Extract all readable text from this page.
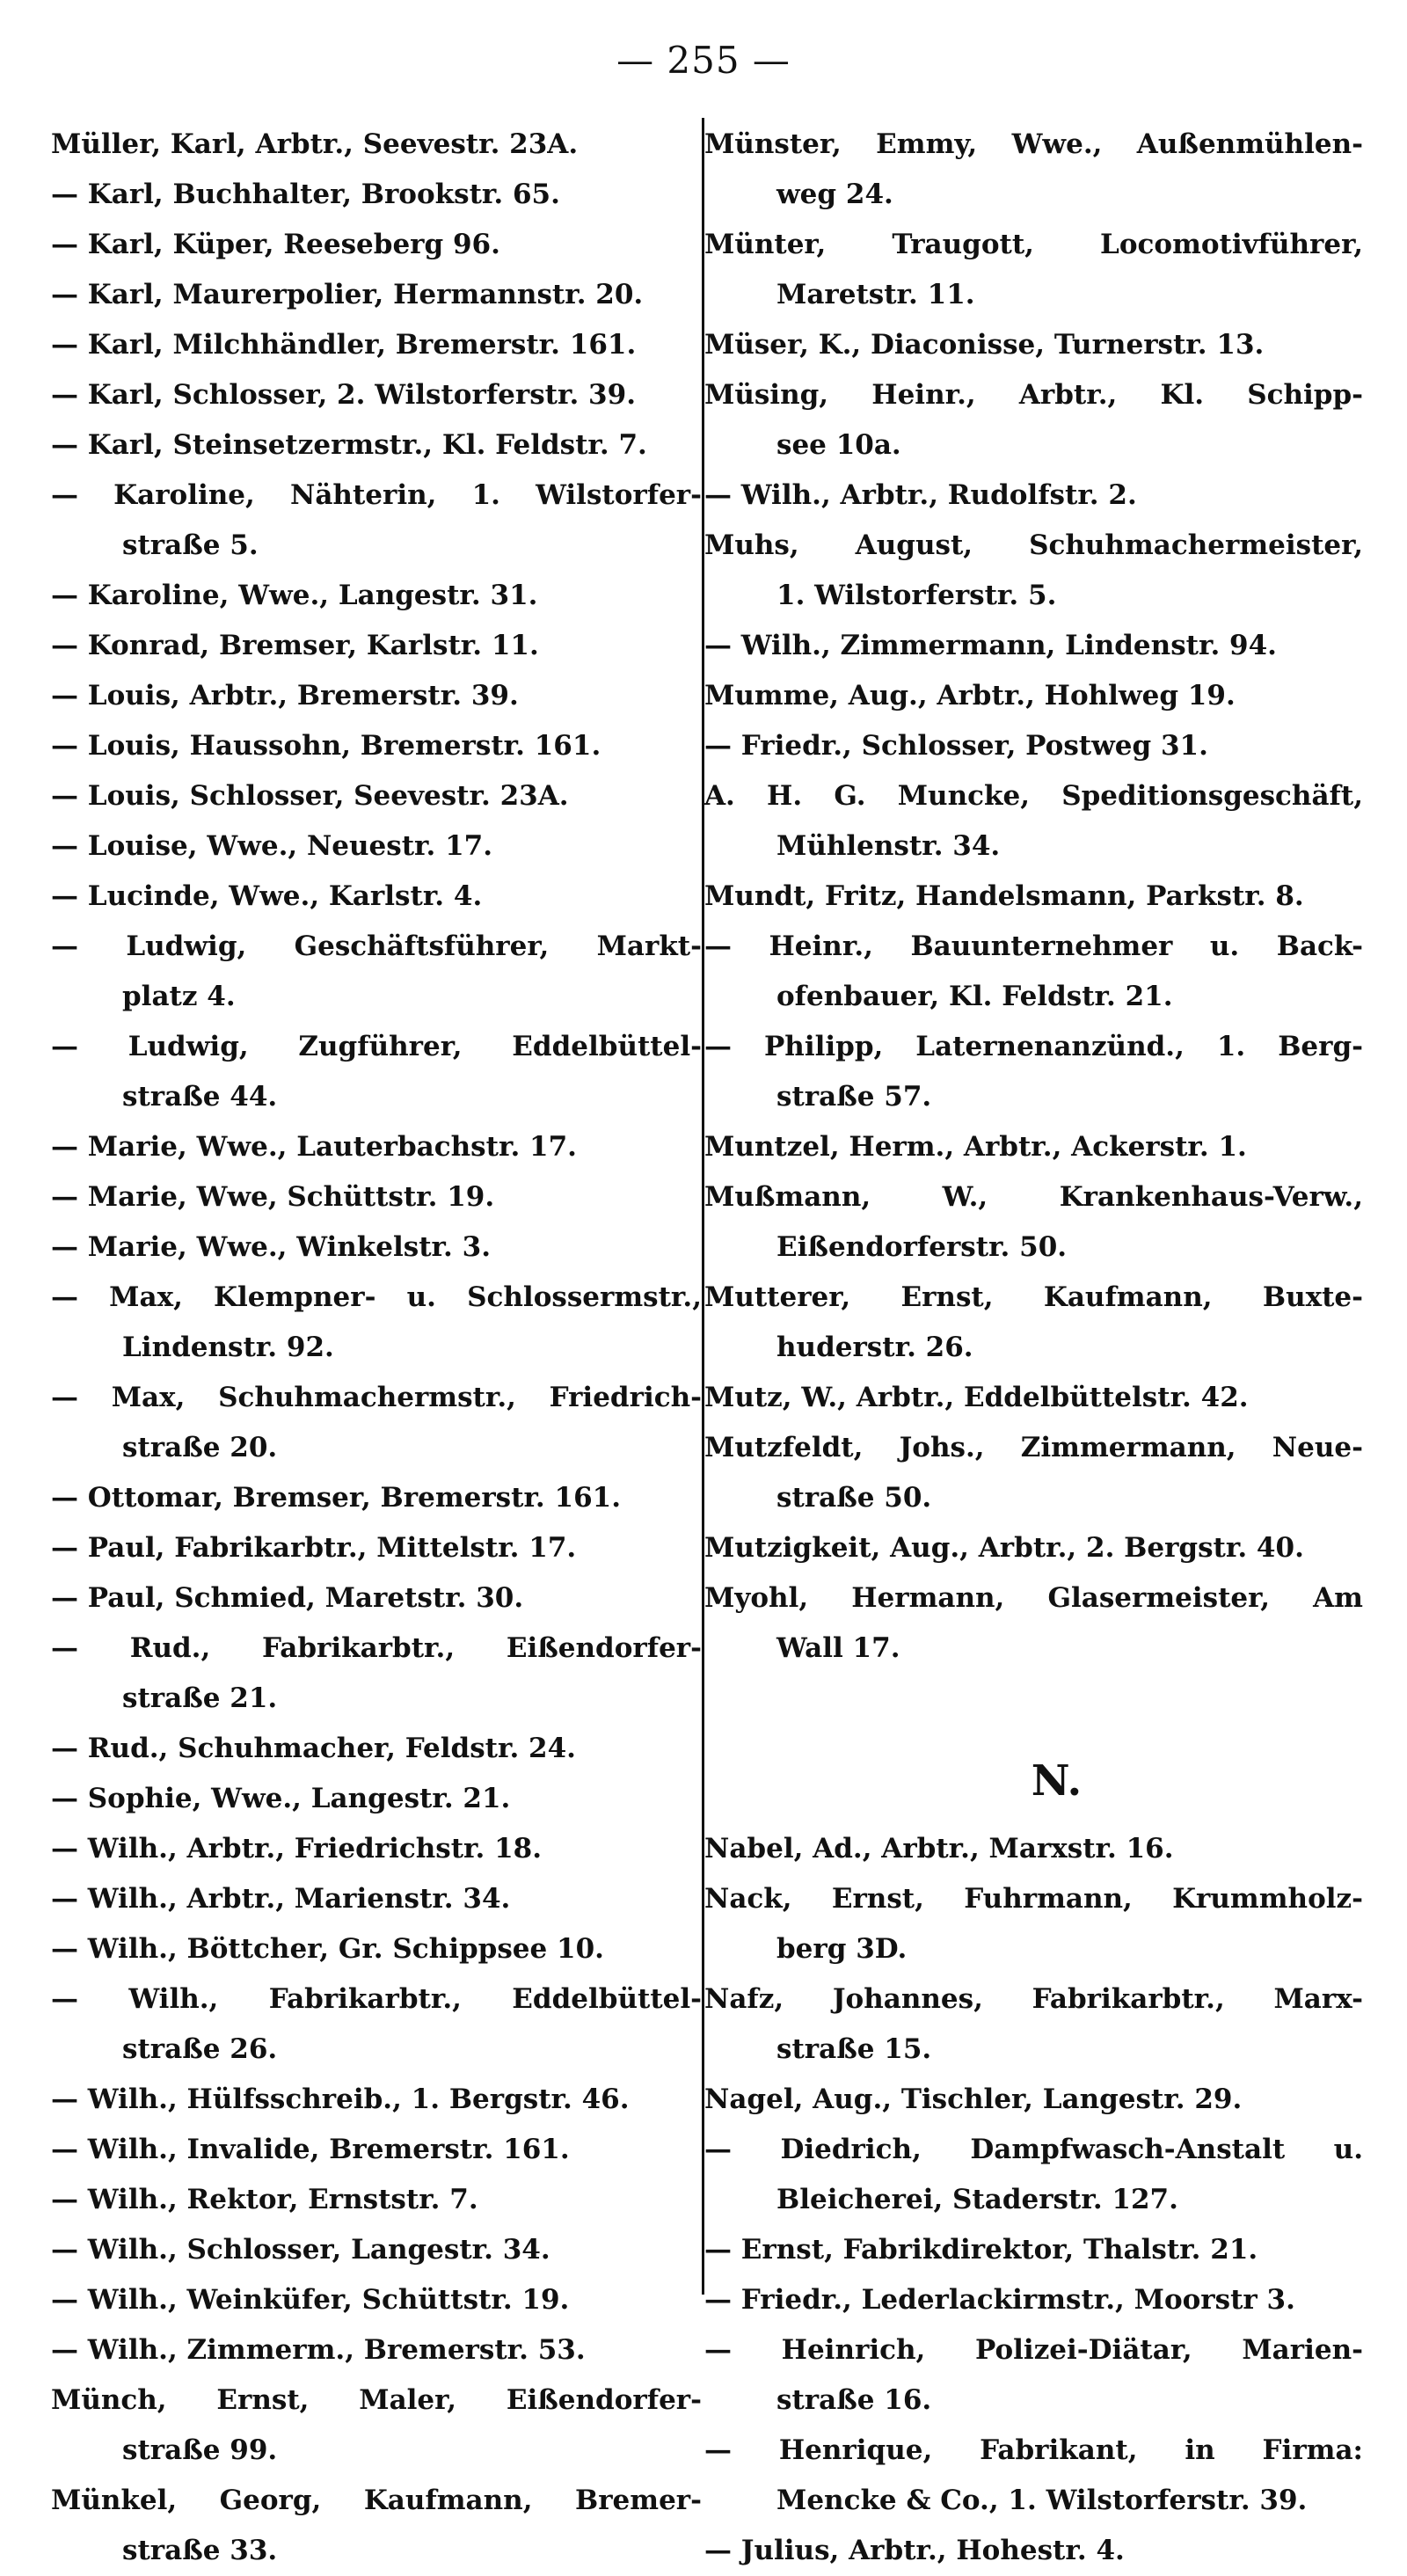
— 255 —
Müller, Karl, Arbtr., Seevestr. 23A.
— Karl, Buchhalter, Brookstr. 65.
— Karl, Küper, Reeseberg 96.
— Karl, Maurerpolier, Hermannstr. 20.
— Karl, Milchhändler, Bremerstr. 161.
— Karl, Schlosser, 2. Wilstorferstr. 39.
— Karl, Steinsetzermstr., Kl. Feldstr. 7.
— Karoline, Nähterin, 1. Wilstorfer-
straße 5.
— Karoline, Wwe., Langestr. 31.
— Konrad, Bremser, Karlstr. 11.
— Louis, Arbtr., Bremerstr. 39.
— Louis, Haussohn, Bremerstr. 161.
— Louis, Schlosser, Seevestr. 23A.
— Louise, Wwe., Neuestr. 17.
— Lucinde, Wwe., Karlstr. 4.
— Ludwig, Geschäftsführer, Markt-
platz 4.
— Ludwig, Zugführer, Eddelbüttel-
straße 44.
— Marie, Wwe., Lauterbachstr. 17.
— Marie, Wwe, Schüttstr. 19.
— Marie, Wwe., Winkelstr. 3.
— Max, Klempner- u. Schlossermstr.,
Lindenstr. 92.
— Max, Schuhmachermstr., Friedrich-
straße 20.
— Ottomar, Bremser, Bremerstr. 161.
— Paul, Fabrikarbtr., Mittelstr. 17.
— Paul, Schmied, Maretstr. 30.
— Rud., Fabrikarbtr., Eißendorfer-
straße 21.
— Rud., Schuhmacher, Feldstr. 24.
— Sophie, Wwe., Langestr. 21.
— Wilh., Arbtr., Friedrichstr. 18.
— Wilh., Arbtr., Marienstr. 34.
— Wilh., Böttcher, Gr. Schippsee 10.
— Wilh., Fabrikarbtr., Eddelbüttel-
straße 26.
— Wilh., Hülfsschreib., 1. Bergstr. 46.
— Wilh., Invalide, Bremerstr. 161.
— Wilh., Rektor, Ernststr. 7.
— Wilh., Schlosser, Langestr. 34.
— Wilh., Weinküfer, Schüttstr. 19.
— Wilh., Zimmerm., Bremerstr. 53.
Münch, Ernst, Maler, Eißendorfer-
straße 99.
Münkel, Georg, Kaufmann, Bremer-
straße 33.
Münster, Emmy, Wwe., Außenmühlen-
weg 24.
Münter, Traugott, Locomotivführer,
Maretstr. 11.
Müser, K., Diaconisse, Turnerstr. 13.
Müsing, Heinr., Arbtr., Kl. Schipp-
see 10a.
— Wilh., Arbtr., Rudolfstr. 2.
Muhs, August, Schuhmachermeister,
1. Wilstorferstr. 5.
— Wilh., Zimmermann, Lindenstr. 94.
Mumme, Aug., Arbtr., Hohlweg 19.
— Friedr., Schlosser, Postweg 31.
A. H. G. Muncke, Speditionsgeschäft,
Mühlenstr. 34.
Mundt, Fritz, Handelsmann, Parkstr. 8.
— Heinr., Bauunternehmer u. Back-
ofenbauer, Kl. Feldstr. 21.
— Philipp, Laternenanzünd., 1. Berg-
straße 57.
Muntzel, Herm., Arbtr., Ackerstr. 1.
Mußmann, W., Krankenhaus-Verw.,
Eißendorferstr. 50.
Mutterer, Ernst, Kaufmann, Buxte-
huderstr. 26.
Mutz, W., Arbtr., Eddelbüttelstr. 42.
Mutzfeldt, Johs., Zimmermann, Neue-
straße 50.
Mutzigkeit, Aug., Arbtr., 2. Bergstr. 40.
Myohl, Hermann, Glasermeister, Am
Wall 17.
N.
Nabel, Ad., Arbtr., Marxstr. 16.
Nack, Ernst, Fuhrmann, Krummholz-
berg 3D.
Nafz, Johannes, Fabrikarbtr., Marx-
straße 15.
Nagel, Aug., Tischler, Langestr. 29.
— Diedrich, Dampfwasch-Anstalt u.
Bleicherei, Staderstr. 127.
— Ernst, Fabrikdirektor, Thalstr. 21.
— Friedr., Lederlackirmstr., Moorstr 3.
— Heinrich, Polizei-Diätar, Marien-
straße 16.
— Henrique, Fabrikant, in Firma:
Mencke & Co., 1. Wilstorferstr. 39.
— Julius, Arbtr., Hohestr. 4.
